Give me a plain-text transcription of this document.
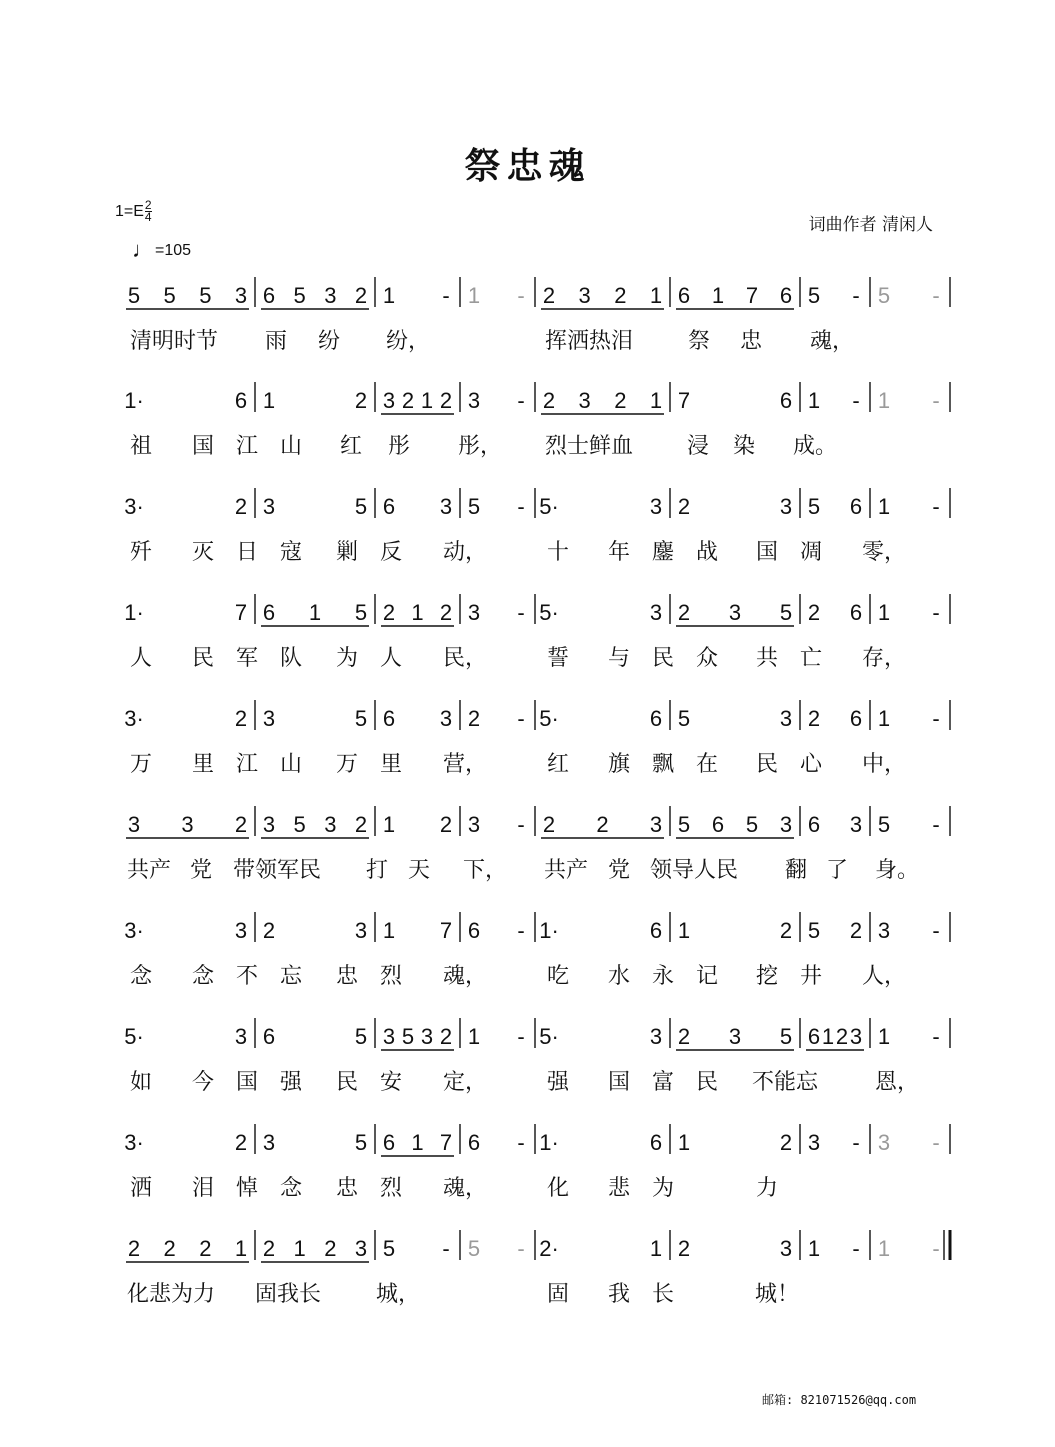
祭忠魂
$1=E \frac{2}{4}$
♩ =105
词曲作者 清闲人
5 5 5 3 6 5 3 2 1 - 1 - 2 3 2 1 6 1 7 6 5 - 5 -
清明时节 雨 纷 纷，	挥洒热泪 祭 忠 魂，
1·	6 1	2 3 2 1 2 3 - 2 3 2 1 7	6 1 - 1 -
祖 国 江 山 红 彤 彤， 烈士鲜血 浸 染 成。
3·	2 3	5 6 3 5 - 5·	3 2	3 5 6 1 -
歼 灭 日 寇 剿 反 动，	十 年 鏖 战 国 凋 零，
1·	7 6 1 5 2 1 2 3 - 5·	3 2 3 5 2 6 1 -
人 民 军 队 为 人 民，	誓 与 民 众 共 亡 存，
3·	2 3	5 6 3 2 - 5·	6 5	3 2 6 1 -
万 里 江 山 万 里 营，	红 旗 飘 在 民 心 中，
3 3 2 3 5 3 2 1 2 3 - 2 2 3 5 6 5 3 6 3 5 -
共产 党 带领军民 打 天 下， 共产 党 领导人民 翻 了 身。
3·	3 2	3 1 7 6 - 1·	6 1	2 5 2 3 -
念 念 不 忘 忠 烈 魂，	吃 水 永 记 挖 井 人，
5·	3 6	5 3 5 3 2 1 - 5·	3 2 3 5 6 1 2 3 1 -
如 今 国 强 民 安 定，	强 国 富 民 不能忘	恩，
3·	2 3	5 6 1 7 6 - 1·	6 1	2 3 - 3 -
洒 泪 悼 念 忠 烈 魂，	化 悲 为	力
2 2 2 1 2 1 2 3 5 - 5 - 2·	1 2	3 1 - 1 -
化悲为力 固我长 城，	固 我 长	城！
邮箱: 821071526@qq.com
